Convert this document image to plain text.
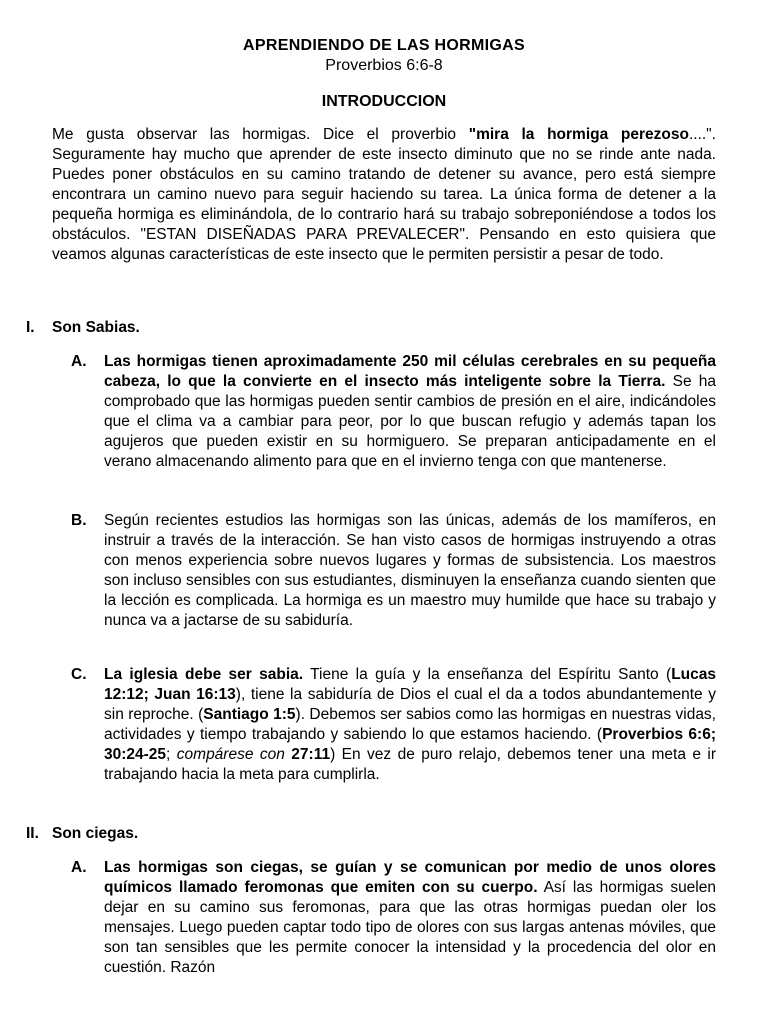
APRENDIENDO DE LAS HORMIGAS
Proverbios 6:6-8
INTRODUCCION
Me gusta observar las hormigas. Dice el proverbio "mira la hormiga perezoso....". Seguramente hay mucho que aprender de este insecto diminuto que no se rinde ante nada. Puedes poner obstáculos en su camino tratando de detener su avance, pero está siempre encontrara un camino nuevo para seguir haciendo su tarea. La única forma de detener a la pequeña hormiga es eliminándola, de lo contrario hará su trabajo sobreponiéndose a todos los obstáculos. "ESTAN DISEÑADAS PARA PREVALECER". Pensando en esto quisiera que veamos algunas características de este insecto que le permiten persistir a pesar de todo.
I. Son Sabias.
A. Las hormigas tienen aproximadamente 250 mil células cerebrales en su pequeña cabeza, lo que la convierte en el insecto más inteligente sobre la Tierra. Se ha comprobado que las hormigas pueden sentir cambios de presión en el aire, indicándoles que el clima va a cambiar para peor, por lo que buscan refugio y además tapan los agujeros que pueden existir en su hormiguero. Se preparan anticipadamente en el verano almacenando alimento para que en el invierno tenga con que mantenerse.
B. Según recientes estudios las hormigas son las únicas, además de los mamíferos, en instruir a través de la interacción. Se han visto casos de hormigas instruyendo a otras con menos experiencia sobre nuevos lugares y formas de subsistencia. Los maestros son incluso sensibles con sus estudiantes, disminuyen la enseñanza cuando sienten que la lección es complicada. La hormiga es un maestro muy humilde que hace su trabajo y nunca va a jactarse de su sabiduría.
C. La iglesia debe ser sabia. Tiene la guía y la enseñanza del Espíritu Santo (Lucas 12:12; Juan 16:13), tiene la sabiduría de Dios el cual el da a todos abundantemente y sin reproche. (Santiago 1:5). Debemos ser sabios como las hormigas en nuestras vidas, actividades y tiempo trabajando y sabiendo lo que estamos haciendo. (Proverbios 6:6; 30:24-25; compárese con 27:11) En vez de puro relajo, debemos tener una meta e ir trabajando hacia la meta para cumplirla.
II. Son ciegas.
A. Las hormigas son ciegas, se guían y se comunican por medio de unos olores químicos llamado feromonas que emiten con su cuerpo. Así las hormigas suelen dejar en su camino sus feromonas, para que las otras hormigas puedan oler los mensajes. Luego pueden captar todo tipo de olores con sus largas antenas móviles, que son tan sensibles que les permite conocer la intensidad y la procedencia del olor en cuestión. Razón
